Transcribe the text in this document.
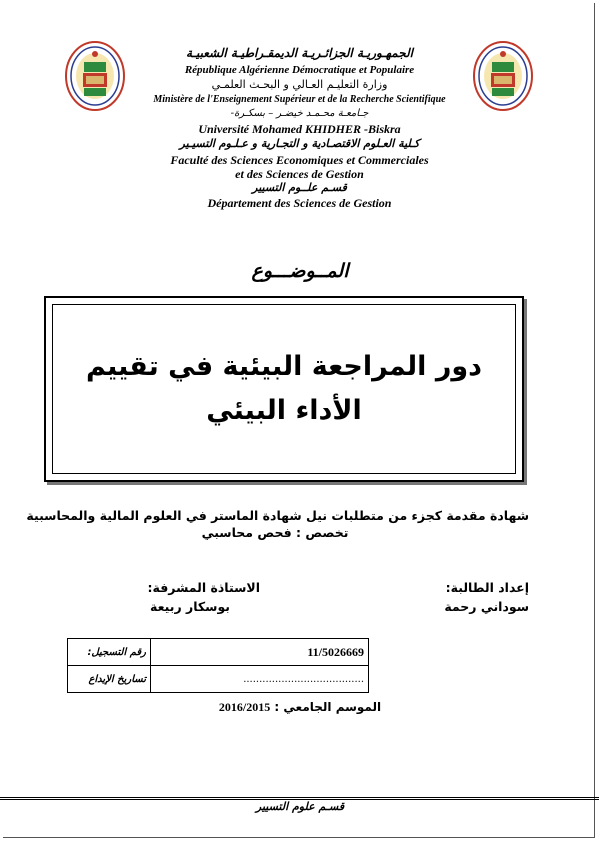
الجمهـوريـة الجزائـريـة الديمقـراطيـة الشعبيـة
République Algérienne Démocratique et Populaire
وزارة التعليـم العـالي و البحـث العلمـي
Ministère de l'Enseignement Supérieur et de la Recherche Scientifique
جـامعـة محـمـد خيضـر – بسكـرة-
Université Mohamed KHIDHER -Biskra
كـلية العـلوم الاقتصـادية و التجـارية و عـلـوم التسيـير
Faculté des Sciences Economiques et Commerciales
et des Sciences de Gestion
قسـم علــوم التسيير
Département des Sciences de Gestion
المــوضـــوع
دور المراجعة البيئية في تقييم الأداء البيئي
شهادة مقدمة كجزء من متطلبات نيل شهادة الماستر في العلوم المالية والمحاسبية
تخصص : فحص محاسبي
إعداد الطالبة:
سوداني رحمة
الاستاذة المشرفة:
بوسكار ربيعة
رقم التسجيل:	11/5026669
تساريخ الإيداع	......................................
2016/2015 الموسم الجامعي :
قسـم علوم التسيير
